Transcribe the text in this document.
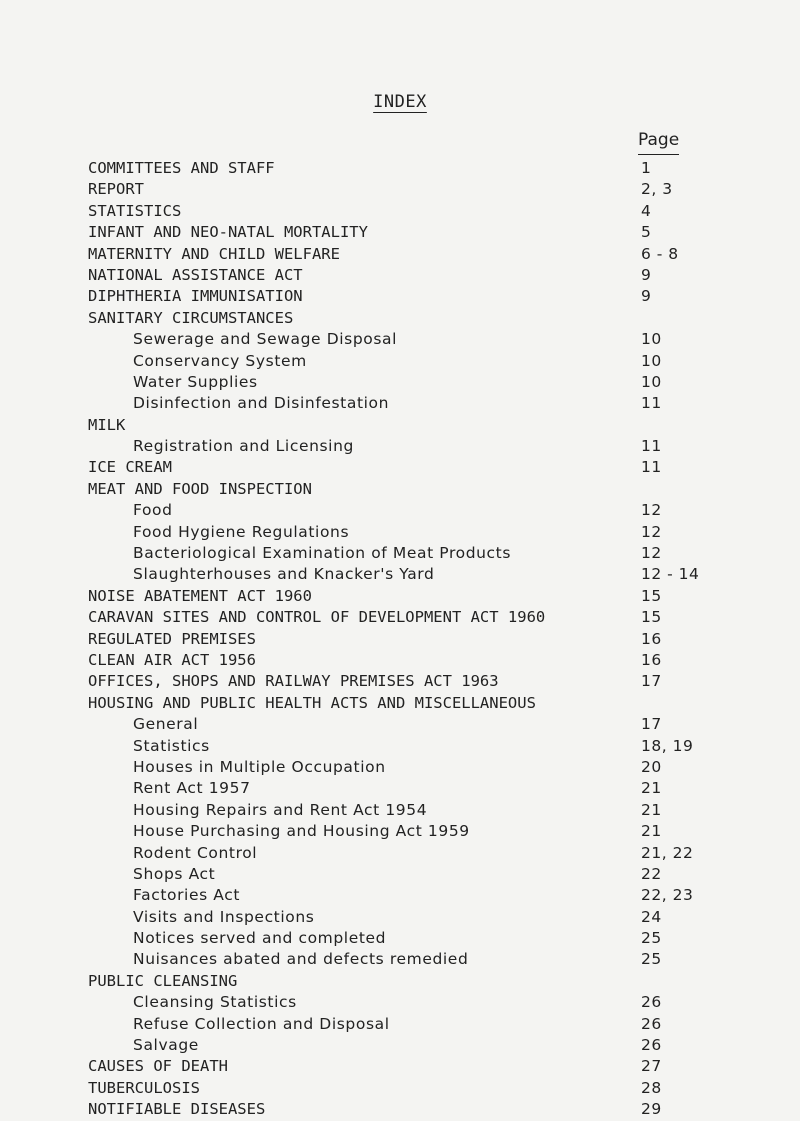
INDEX
Page
COMMITTEES AND STAFF	1
REPORT	2, 3
STATISTICS	4
INFANT AND NEO-NATAL MORTALITY	5
MATERNITY AND CHILD WELFARE	6 - 8
NATIONAL ASSISTANCE ACT	9
DIPHTHERIA IMMUNISATION	9
SANITARY CIRCUMSTANCES
Sewerage and Sewage Disposal	10
Conservancy System	10
Water Supplies	10
Disinfection and Disinfestation	11
MILK
Registration and Licensing	11
ICE CREAM	11
MEAT AND FOOD INSPECTION
Food	12
Food Hygiene Regulations	12
Bacteriological Examination of Meat Products	12
Slaughterhouses and Knacker's Yard	12 - 14
NOISE ABATEMENT ACT 1960	15
CARAVAN SITES AND CONTROL OF DEVELOPMENT ACT 1960	15
REGULATED PREMISES	16
CLEAN AIR ACT 1956	16
OFFICES, SHOPS AND RAILWAY PREMISES ACT 1963	17
HOUSING AND PUBLIC HEALTH ACTS AND MISCELLANEOUS
General	17
Statistics	18, 19
Houses in Multiple Occupation	20
Rent Act 1957	21
Housing Repairs and Rent Act 1954	21
House Purchasing and Housing Act 1959	21
Rodent Control	21, 22
Shops Act	22
Factories Act	22, 23
Visits and Inspections	24
Notices served and completed	25
Nuisances abated and defects remedied	25
PUBLIC CLEANSING
Cleansing Statistics	26
Refuse Collection and Disposal	26
Salvage	26
CAUSES OF DEATH	27
TUBERCULOSIS	28
NOTIFIABLE DISEASES	29
